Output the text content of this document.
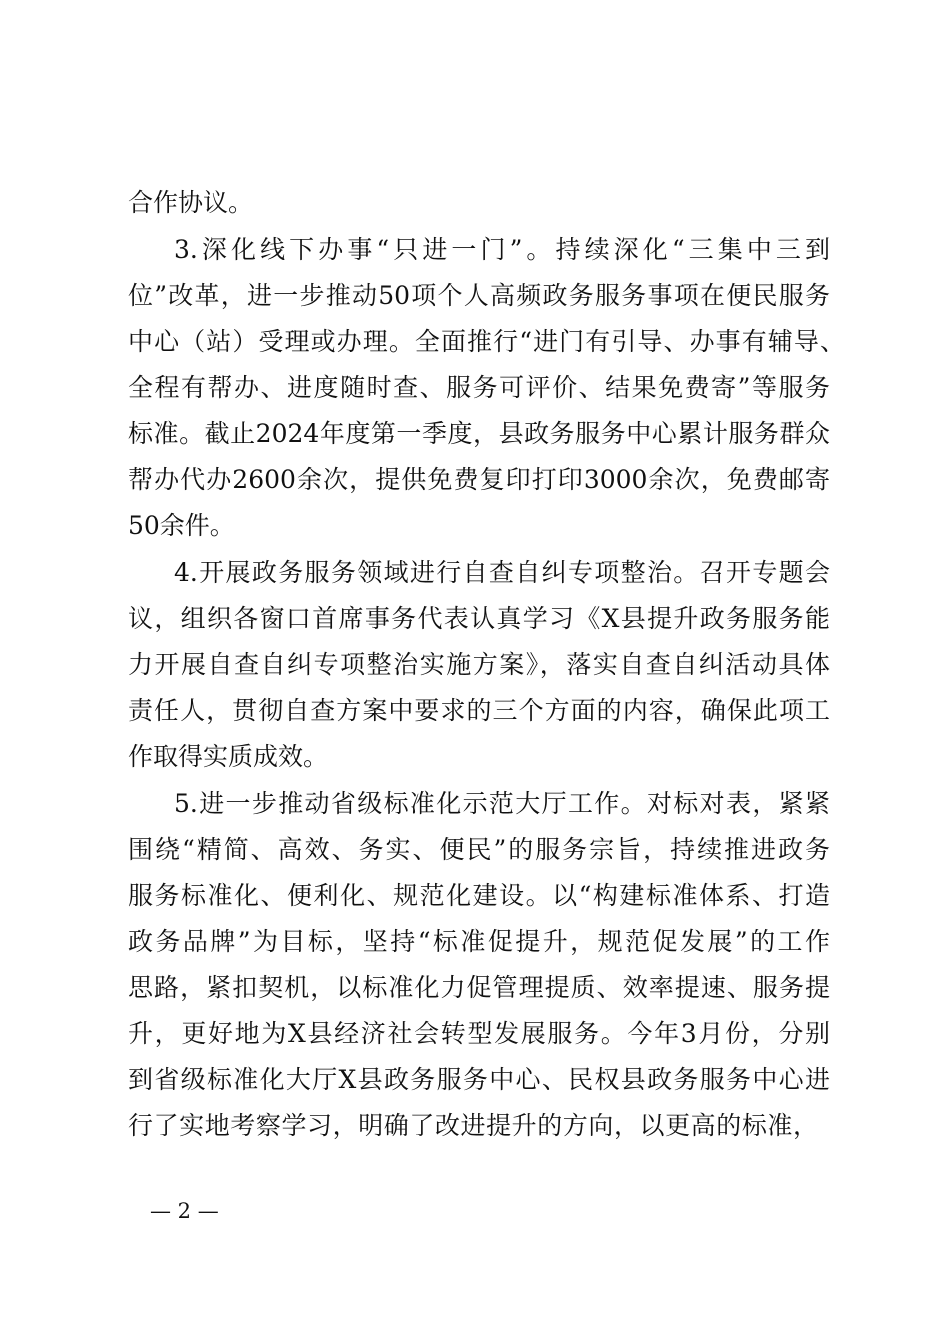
合作协议。
3.深化线下办事“只进一门”。持续深化“三集中三到
位”改革，进一步推动50项个人高频政务服务事项在便民服务
中心（站）受理或办理。全面推行“进门有引导、办事有辅导、
全程有帮办、进度随时查、服务可评价、结果免费寄”等服务
标准。截止2024年度第一季度，县政务服务中心累计服务群众
帮办代办2600余次，提供免费复印打印3000余次，免费邮寄
50余件。
4.开展政务服务领域进行自查自纠专项整治。召开专题会
议，组织各窗口首席事务代表认真学习《X县提升政务服务能
力开展自查自纠专项整治实施方案》，落实自查自纠活动具体
责任人，贯彻自查方案中要求的三个方面的内容，确保此项工
作取得实质成效。
5.进一步推动省级标准化示范大厅工作。对标对表，紧紧
围绕“精简、高效、务实、便民”的服务宗旨，持续推进政务
服务标准化、便利化、规范化建设。以“构建标准体系、打造
政务品牌”为目标，坚持“标准促提升，规范促发展”的工作
思路，紧扣契机，以标准化力促管理提质、效率提速、服务提
升，更好地为X县经济社会转型发展服务。今年3月份，分别
到省级标准化大厅X县政务服务中心、民权县政务服务中心进
行了实地考察学习，明确了改进提升的方向，以更高的标准，
— 2 —
